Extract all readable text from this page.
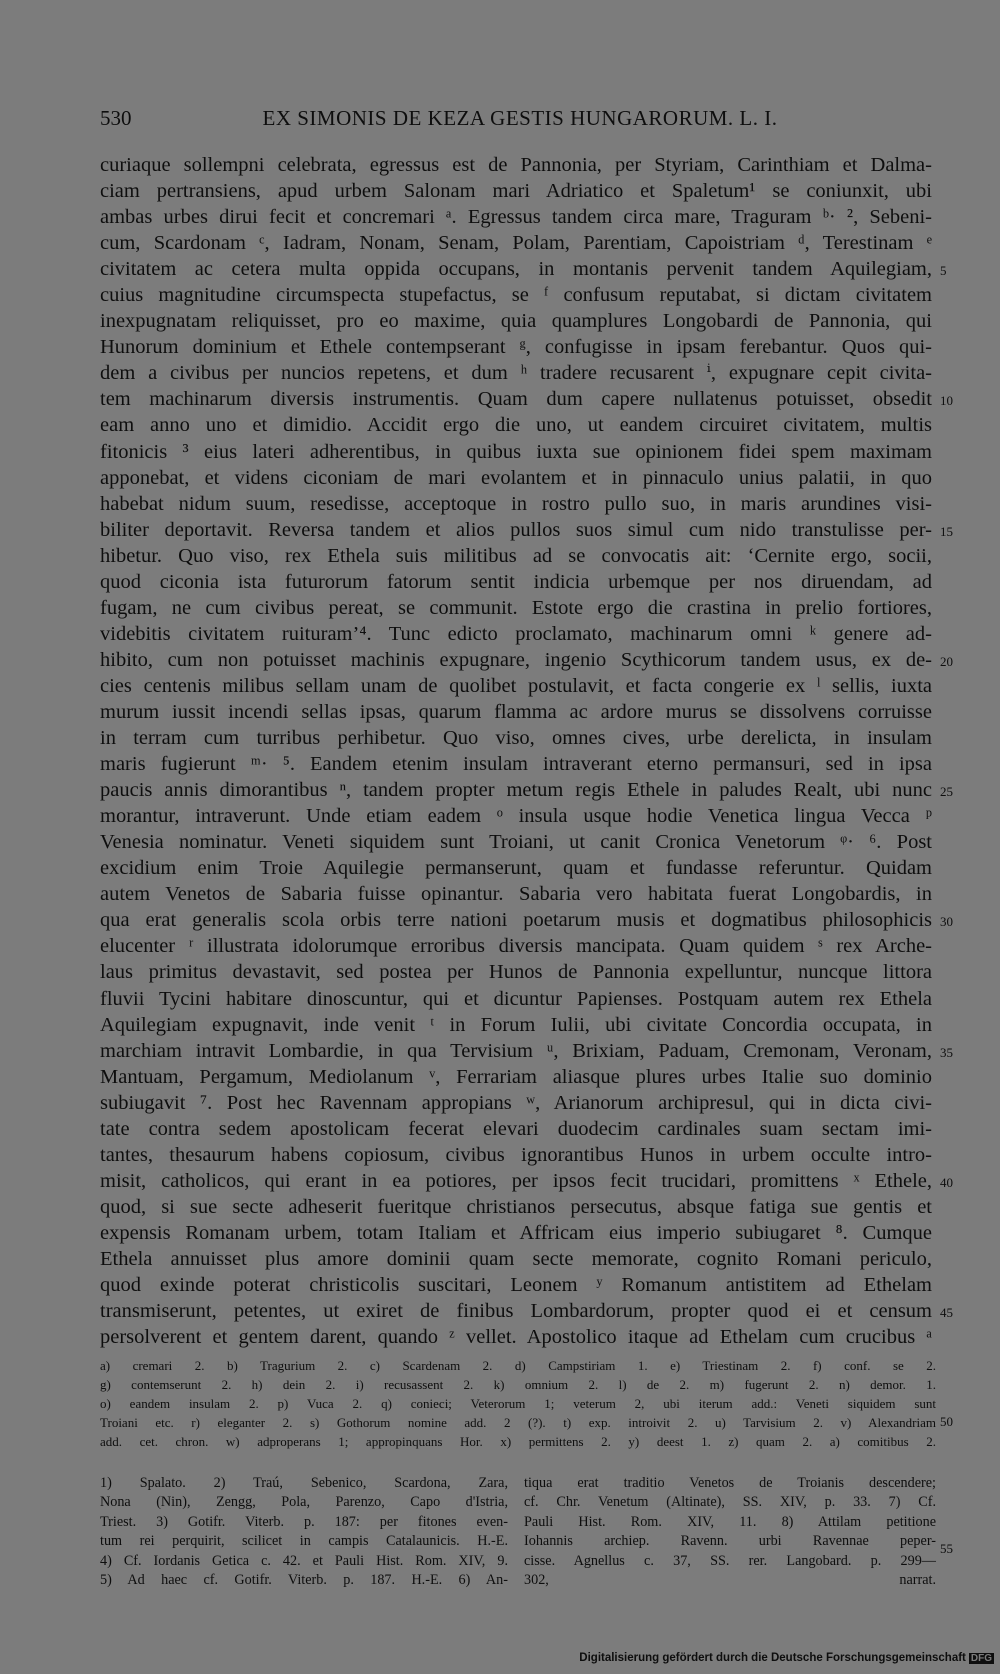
530	EX SIMONIS DE KEZA GESTIS HUNGARORUM. L. I.
curiaque sollempni celebrata, egressus est de Pannonia, per Styriam, Carinthiam et Dalma-
ciam pertransiens, apud urbem Salonam mari Adriatico et Spaletum¹ se coniunxit, ubi
ambas urbes dirui fecit et concremari ᵃ. Egressus tandem circa mare, Traguram ᵇ· ², Sebeni-
cum, Scardonam ᶜ, Iadram, Nonam, Senam, Polam, Parentiam, Capoistriam ᵈ, Terestinam ᵉ
civitatem ac cetera multa oppida occupans, in montanis pervenit tandem Aquilegiam,
cuius magnitudine circumspecta stupefactus, se ᶠ confusum reputabat, si dictam civitatem
inexpugnatam reliquisset, pro eo maxime, quia quamplures Longobardi de Pannonia, qui
Hunorum dominium et Ethele contempserant ᵍ, confugisse in ipsam ferebantur. Quos qui-
dem a civibus per nuncios repetens, et dum ʰ tradere recusarent ⁱ, expugnare cepit civita-
tem machinarum diversis instrumentis. Quam dum capere nullatenus potuisset, obsedit
eam anno uno et dimidio. Accidit ergo die uno, ut eandem circuiret civitatem, multis
fitonicis ³ eius lateri adherentibus, in quibus iuxta sue opinionem fidei spem maximam
apponebat, et videns ciconiam de mari evolantem et in pinnaculo unius palatii, in quo
habebat nidum suum, resedisse, acceptoque in rostro pullo suo, in maris arundines visi-
biliter deportavit. Reversa tandem et alios pullos suos simul cum nido transtulisse per-
hibetur. Quo viso, rex Ethela suis militibus ad se convocatis ait: ‘Cernite ergo, socii,
quod ciconia ista futurorum fatorum sentit indicia urbemque per nos diruendam, ad
fugam, ne cum civibus pereat, se communit. Estote ergo die crastina in prelio fortiores,
videbitis civitatem ruituram’⁴. Tunc edicto proclamato, machinarum omni ᵏ genere ad-
hibito, cum non potuisset machinis expugnare, ingenio Scythicorum tandem usus, ex de-
cies centenis milibus sellam unam de quolibet postulavit, et facta congerie ex ˡ sellis, iuxta
murum iussit incendi sellas ipsas, quarum flamma ac ardore murus se dissolvens corruisse
in terram cum turribus perhibetur. Quo viso, omnes cives, urbe derelicta, in insulam
maris fugierunt ᵐ· ⁵. Eandem etenim insulam intraverant eterno permansuri, sed in ipsa
paucis annis dimorantibus ⁿ, tandem propter metum regis Ethele in paludes Realt, ubi nunc
morantur, intraverunt. Unde etiam eadem ᵒ insula usque hodie Venetica lingua Vecca ᵖ
Venesia nominatur. Veneti siquidem sunt Troiani, ut canit Cronica Venetorum ᵠ· ⁶. Post
excidium enim Troie Aquilegie permanserunt, quam et fundasse referuntur. Quidam
autem Venetos de Sabaria fuisse opinantur. Sabaria vero habitata fuerat Longobardis, in
qua erat generalis scola orbis terre nationi poetarum musis et dogmatibus philosophicis
elucenter ʳ illustrata idolorumque erroribus diversis mancipata. Quam quidem ˢ rex Arche-
laus primitus devastavit, sed postea per Hunos de Pannonia expelluntur, nuncque littora
fluvii Tycini habitare dinoscuntur, qui et dicuntur Papienses. Postquam autem rex Ethela
Aquilegiam expugnavit, inde venit ᵗ in Forum Iulii, ubi civitate Concordia occupata, in
marchiam intravit Lombardie, in qua Tervisium ᵘ, Brixiam, Paduam, Cremonam, Veronam,
Mantuam, Pergamum, Mediolanum ᵛ, Ferrariam aliasque plures urbes Italie suo dominio
subiugavit ⁷. Post hec Ravennam appropians ʷ, Arianorum archipresul, qui in dicta civi-
tate contra sedem apostolicam fecerat elevari duodecim cardinales suam sectam imi-
tantes, thesaurum habens copiosum, civibus ignorantibus Hunos in urbem occulte intro-
misit, catholicos, qui erant in ea potiores, per ipsos fecit trucidari, promittens ˣ Ethele,
quod, si sue secte adheserit fueritque christianos persecutus, absque fatiga sue gentis et
expensis Romanam urbem, totam Italiam et Affricam eius imperio subiugaret ⁸. Cumque
Ethela annuisset plus amore dominii quam secte memorate, cognito Romani periculo,
quod exinde poterat christicolis suscitari, Leonem ʸ Romanum antistitem ad Ethelam
transmiserunt, petentes, ut exiret de finibus Lombardorum, propter quod ei et censum
persolverent et gentem darent, quando ᶻ vellet. Apostolico itaque ad Ethelam cum crucibus ᵃ
5
10
15
20
25
30
35
40
45
a) cremari 2. b) Tragurium 2. c) Scardenam 2. d) Campstiriam 1. e) Triestinam 2. f) conf. se 2.
g) contemserunt 2. h) dein 2. i) recusassent 2. k) omnium 2. l) de 2. m) fugerunt 2. n) demor. 1.
o) eandem insulam 2. p) Vuca 2. q) conieci; Veterorum 1; veterum 2, ubi iterum add.: Veneti siquidem sunt
Troiani etc. r) eleganter 2. s) Gothorum nomine add. 2 (?). t) exp. introivit 2. u) Tarvisium 2. v) Alexandriam
add. cet. chron. w) adproperans 1; appropinquans Hor. x) permittens 2. y) deest 1. z) quam 2. a) comitibus 2.
50
1) Spalato. 2) Traú, Sebenico, Scardona, Zara,
Nona (Nin), Zengg, Pola, Parenzo, Capo d'Istria,
Triest. 3) Gotifr. Viterb. p. 187: per fitones even-
tum rei perquirit, scilicet in campis Catalaunicis. H.-E.
4) Cf. Iordanis Getica c. 42. et Pauli Hist. Rom. XIV, 9.
5) Ad haec cf. Gotifr. Viterb. p. 187. H.-E. 6) An-
tiqua erat traditio Venetos de Troianis descendere;
cf. Chr. Venetum (Altinate), SS. XIV, p. 33. 7) Cf.
Pauli Hist. Rom. XIV, 11. 8) Attilam petitione
Iohannis archiep. Ravenn. urbi Ravennae peper-
cisse. Agnellus c. 37, SS. rer. Langobard. p. 299—
302, narrat.
55
Digitalisierung gefördert durch die Deutsche Forschungsgemeinschaft DFG
